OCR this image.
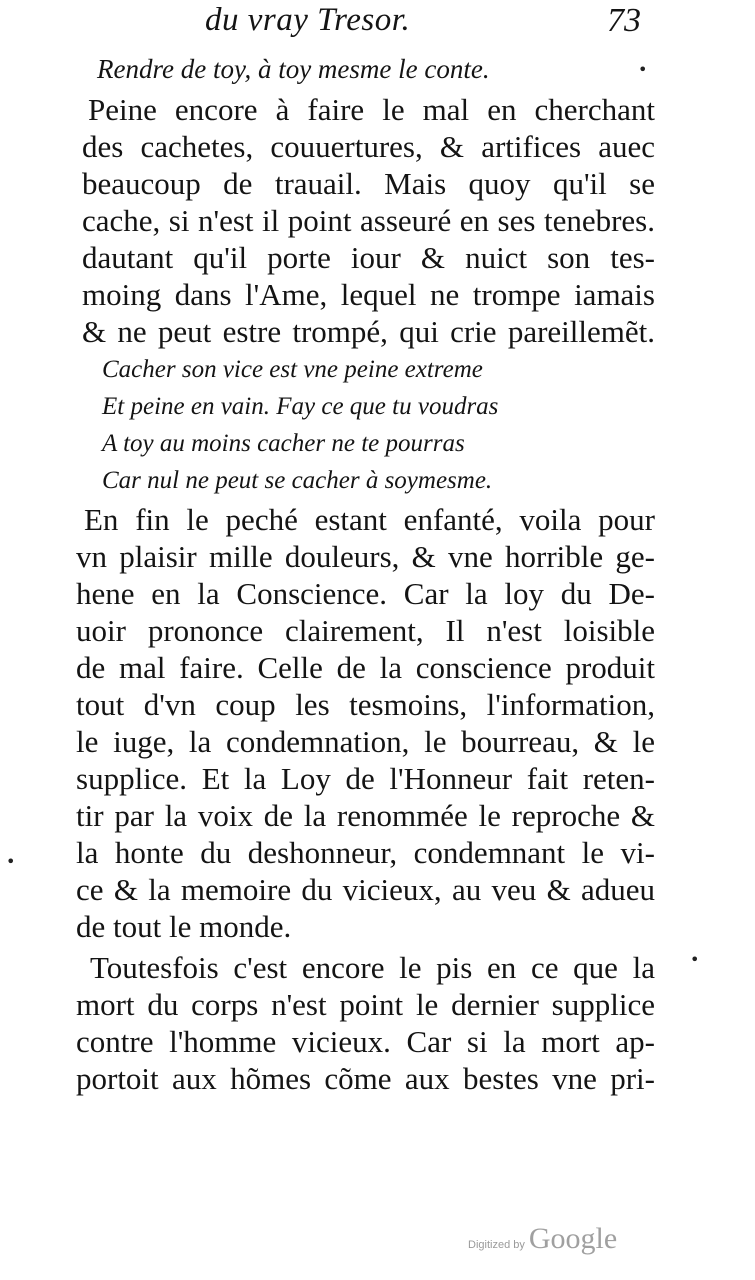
du vray Tresor.	73
Rendre de toy, à toy mesme le conte.
Peine encore à faire le mal en cherchant
des cachetes, couuertures, & artifices auec
beaucoup de trauail. Mais quoy qu'il se
cache, si n'est il point asseuré en ses tenebres.
dautant qu'il porte iour & nuict son tes-
moing dans l'Ame, lequel ne trompe iamais
& ne peut estre trompé, qui crie pareillemẽt.
Cacher son vice est vne peine extreme
Et peine en vain. Fay ce que tu voudras
A toy au moins cacher ne te pourras
Car nul ne peut se cacher à soymesme.
En fin le peché estant enfanté, voila pour
vn plaisir mille douleurs, & vne horrible ge-
hene en la Conscience. Car la loy du De-
uoir prononce clairement, Il n'est loisible
de mal faire. Celle de la conscience produit
tout d'vn coup les tesmoins, l'information,
le iuge, la condemnation, le bourreau, & le
supplice. Et la Loy de l'Honneur fait reten-
tir par la voix de la renommée le reproche &
la honte du deshonneur, condemnant le vi-
ce & la memoire du vicieux, au veu & adueu
de tout le monde.
Toutesfois c'est encore le pis en ce que la
mort du corps n'est point le dernier supplice
contre l'homme vicieux. Car si la mort ap-
portoit aux hõmes cõme aux bestes vne pri-
•
•
•
Digitized by Google
